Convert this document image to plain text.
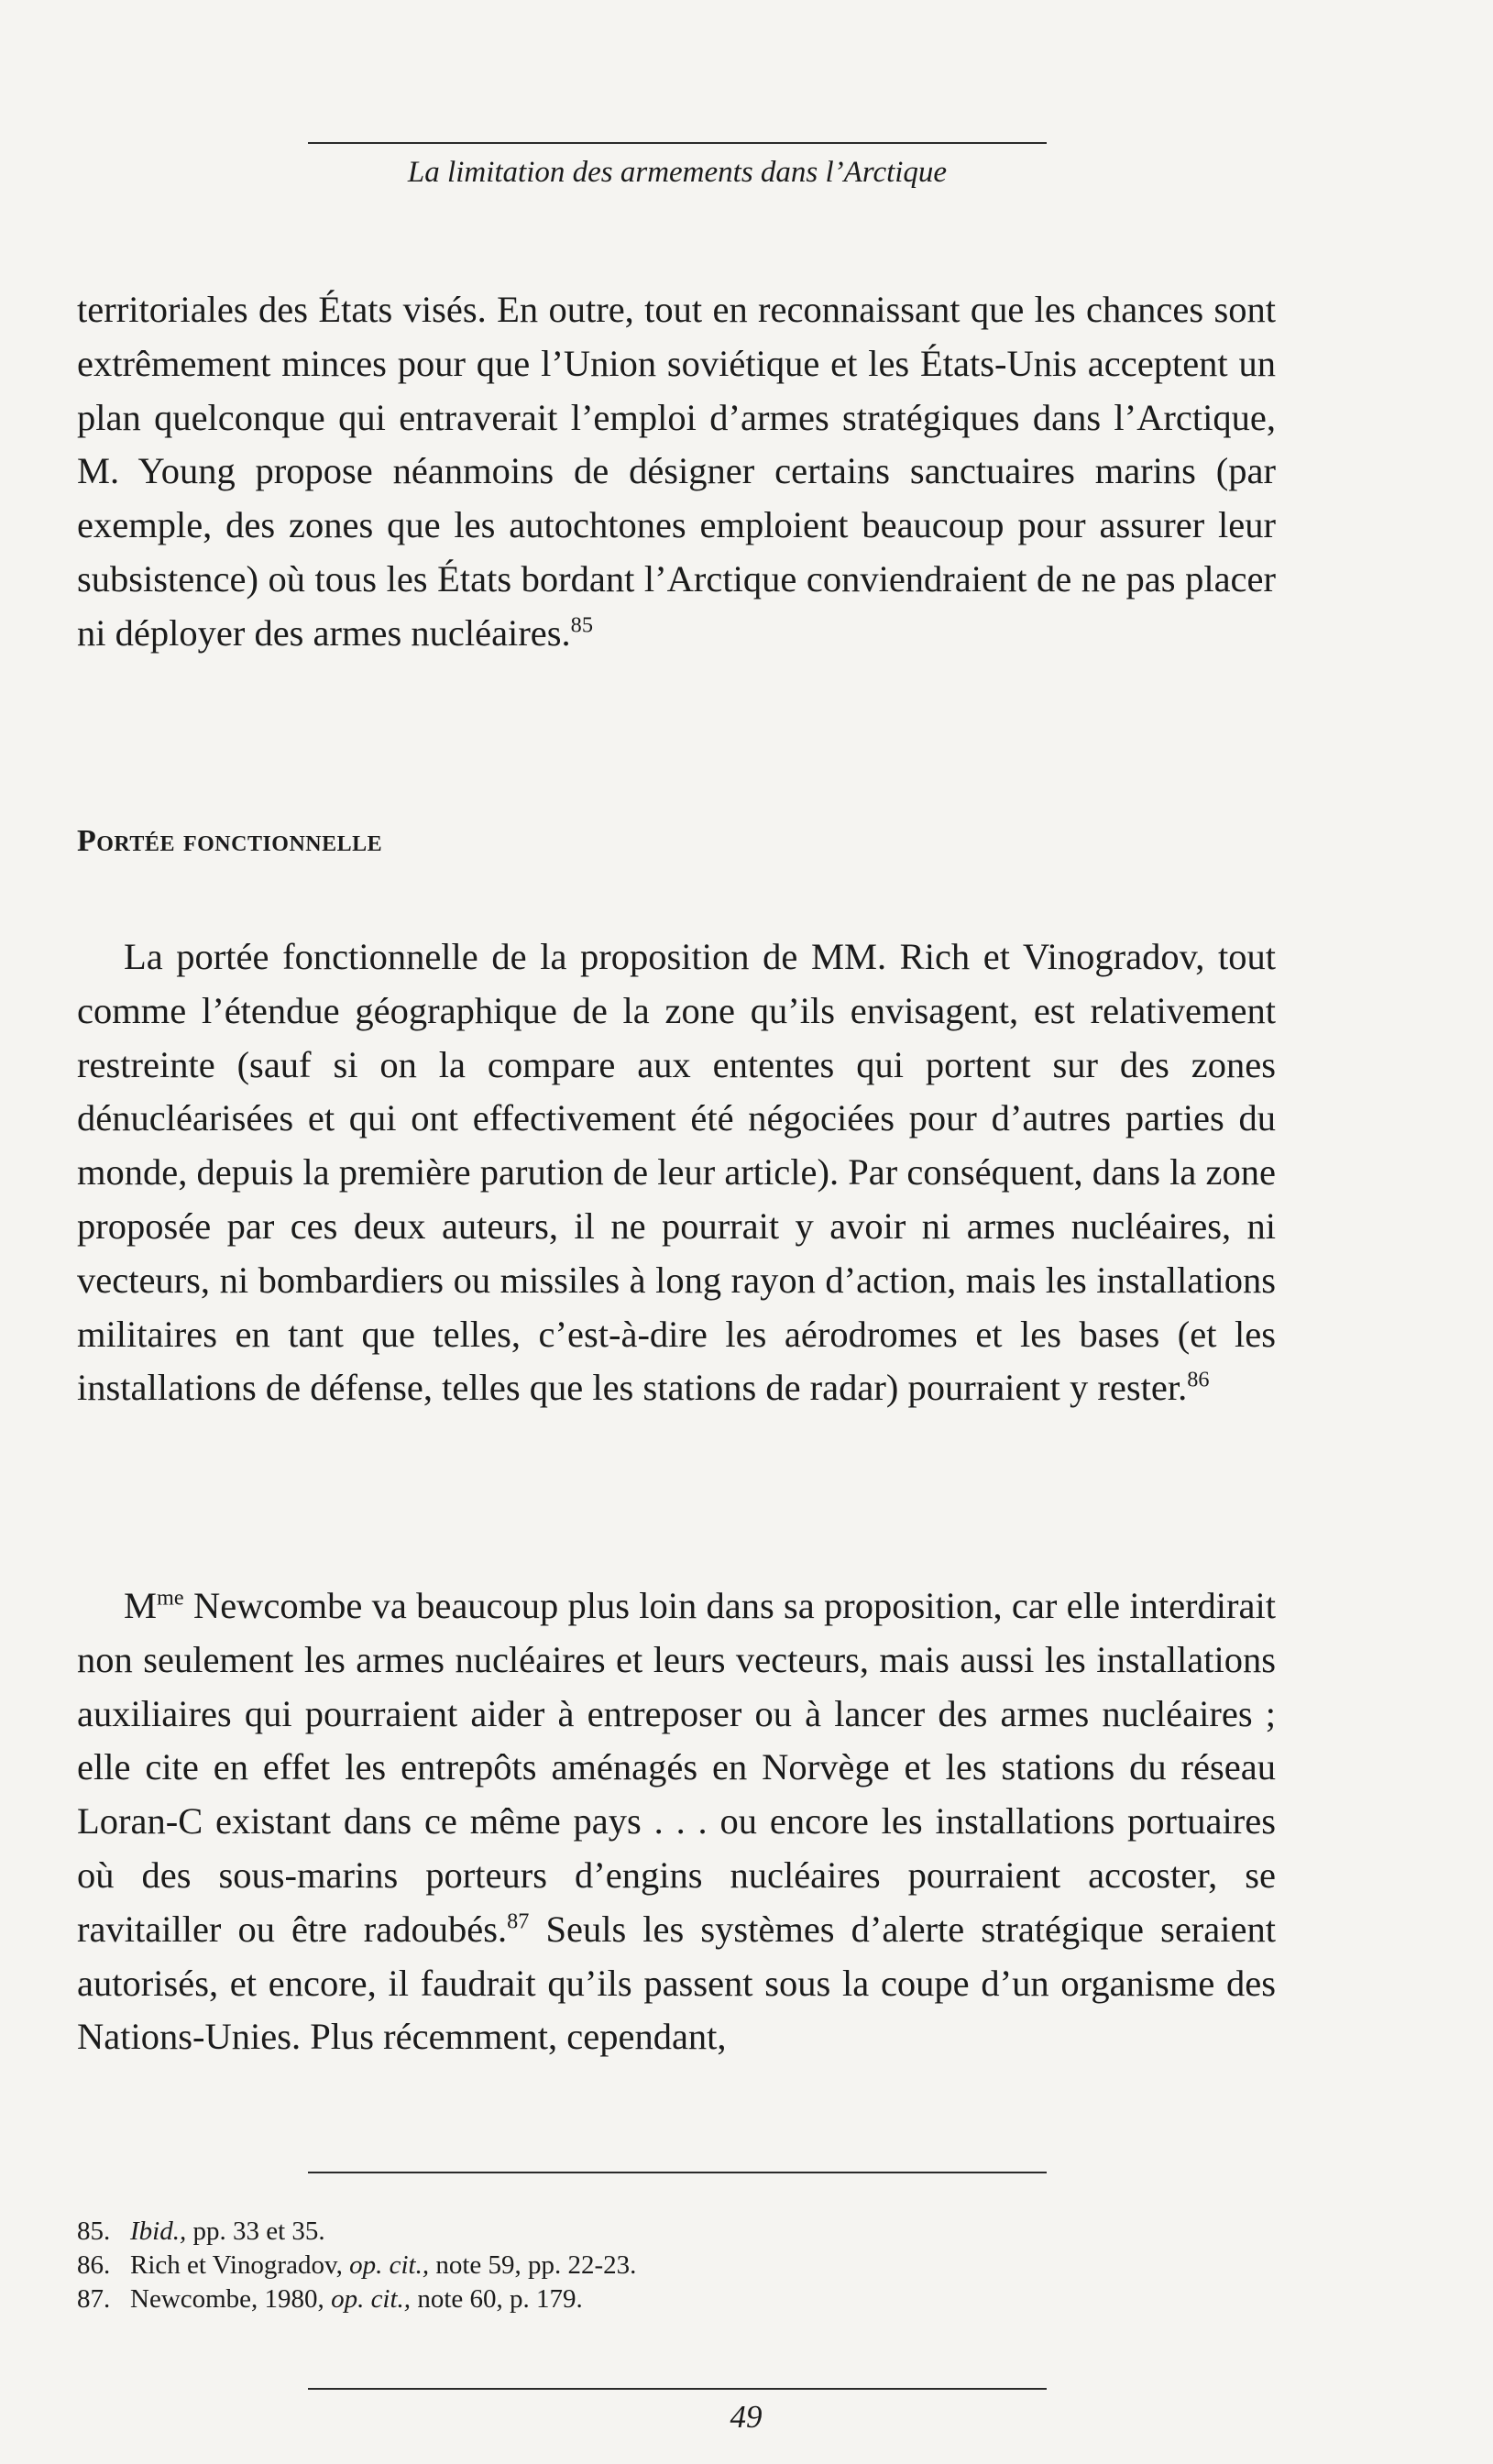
La limitation des armements dans l’Arctique

territoriales des États visés. En outre, tout en reconnaissant que les chances sont extrêmement minces pour que l’Union soviétique et les États-Unis acceptent un plan quelconque qui entraverait l’emploi d’armes stratégiques dans l’Arctique, M. Young propose néanmoins de désigner certains sanctuaires marins (par exemple, des zones que les autochtones emploient beaucoup pour assurer leur subsistence) où tous les États bordant l’Arctique conviendraient de ne pas placer ni déployer des armes nucléaires.$^{85}$

Portée fonctionnelle

La portée fonctionnelle de la proposition de MM. Rich et Vinogradov, tout comme l’étendue géographique de la zone qu’ils envisagent, est relativement restreinte (sauf si on la compare aux ententes qui portent sur des zones dénucléarisées et qui ont effectivement été négociées pour d’autres parties du monde, depuis la première parution de leur article). Par conséquent, dans la zone proposée par ces deux auteurs, il ne pourrait y avoir ni armes nucléaires, ni vecteurs, ni bombardiers ou missiles à long rayon d’action, mais les installations militaires en tant que telles, c’est-à-dire les aérodromes et les bases (et les installations de défense, telles que les stations de radar) pourraient y rester.$^{86}$

$M^{me}$ Newcombe va beaucoup plus loin dans sa proposition, car elle interdirait non seulement les armes nucléaires et leurs vecteurs, mais aussi les installations auxiliaires qui pourraient aider à entreposer ou à lancer des armes nucléaires ; elle cite en effet les entrepôts aménagés en Norvège et les stations du réseau Loran-C existant dans ce même pays . . . ou encore les installations portuaires où des sous-marins porteurs d’engins nucléaires pourraient accoster, se ravitailler ou être radoubés.$^{87}$ Seuls les systèmes d’alerte stratégique seraient autorisés, et encore, il faudrait qu’ils passent sous la coupe d’un organisme des Nations-Unies. Plus récemment, cependant,

85. Ibid., pp. 33 et 35.
86. Rich et Vinogradov, op. cit., note 59, pp. 22-23.
87. Newcombe, 1980, op. cit., note 60, p. 179.
49
